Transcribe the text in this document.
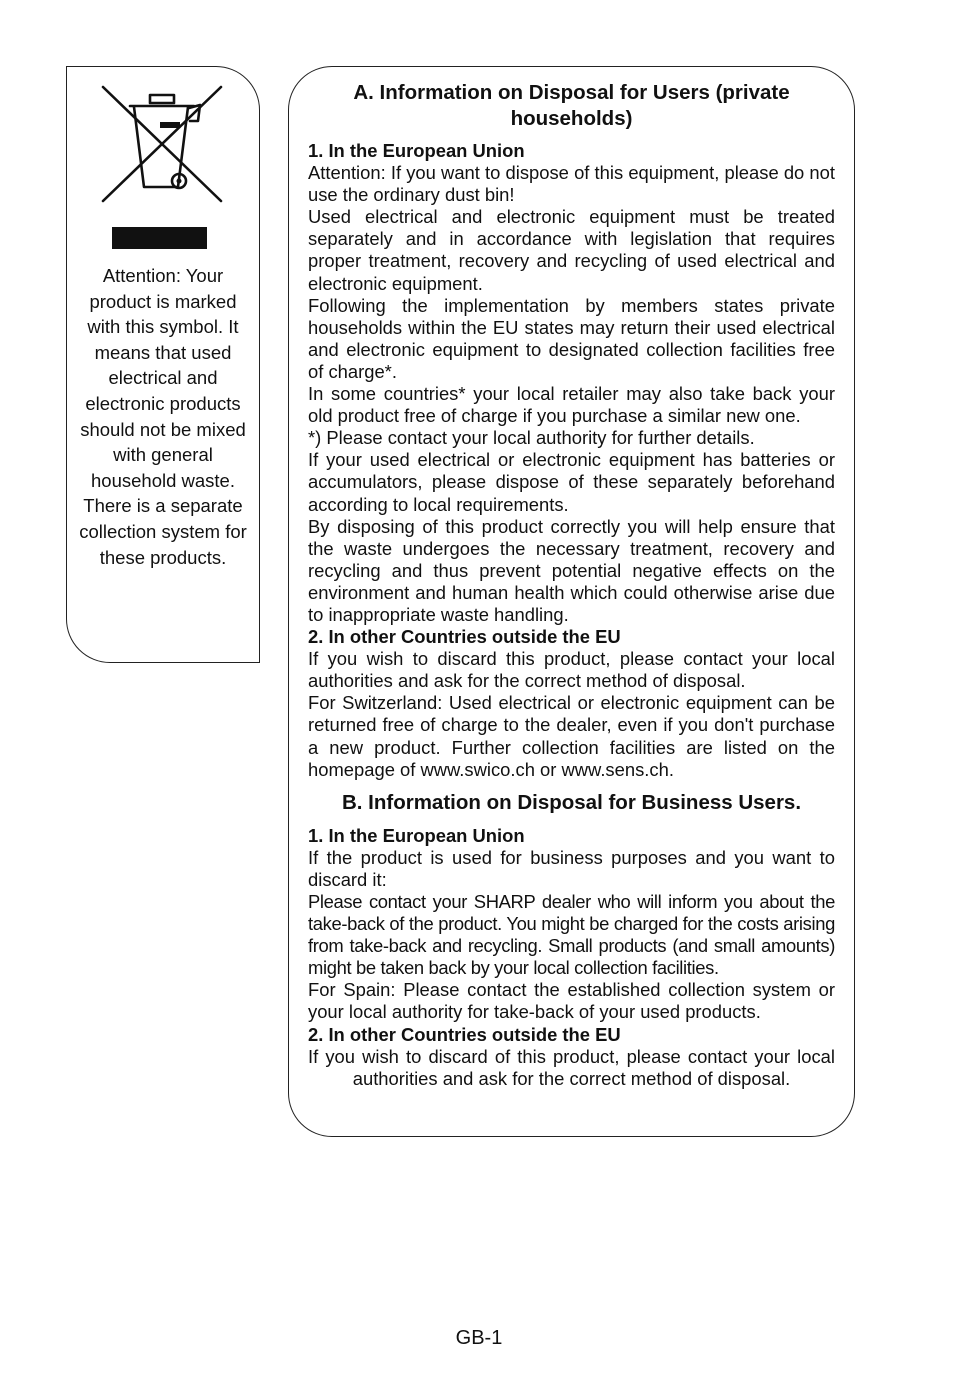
Attention: Your product is marked with this symbol. It means that used electrical and electronic products should not be mixed with general household waste. There is a separate collection system for these products.
A. Information on Disposal for Users (private households)
1. In the European Union

Attention: If you want to dispose of this equipment, please do not use the ordinary dust bin!

Used electrical and electronic equipment must be treated separately and in accordance with legislation that requires proper treatment, recovery and recycling of used electrical and electronic equipment.

Following the implementation by members states private households within the EU states may return their used electrical and electronic equipment to designated collection facilities free of charge*.

In some countries* your local retailer may also take back your old product free of charge if you purchase a similar new one.

*) Please contact your local authority for further details.

If your used electrical or electronic equipment has batteries or accumulators, please dispose of these separately beforehand according to local requirements.

By disposing of this product correctly you will help ensure that the waste undergoes the necessary treatment, recovery and recycling and thus prevent potential negative effects on the environment and human health which could otherwise arise due to inappropriate waste handling.

2. In other Countries outside the EU

If you wish to discard this product, please contact your local authorities and ask for the correct method of disposal.

For Switzerland: Used electrical or electronic equipment can be returned free of charge to the dealer, even if you don't purchase a new product. Further collection facilities are listed on the homepage of www.swico.ch or www.sens.ch.

B. Information on Disposal for Business Users.
1. In the European Union

If the product is used for business purposes and you want to discard it:

Please contact your SHARP dealer who will inform you about the take-back of the product. You might be charged for the costs arising from take-back and recycling. Small products (and small amounts) might be taken back by your local collection facilities.

For Spain: Please contact the established collection system or your local authority for take-back of your used products.

2. In other Countries outside the EU

If you wish to discard of this product, please contact your local authorities and ask for the correct method of disposal.

GB-1
